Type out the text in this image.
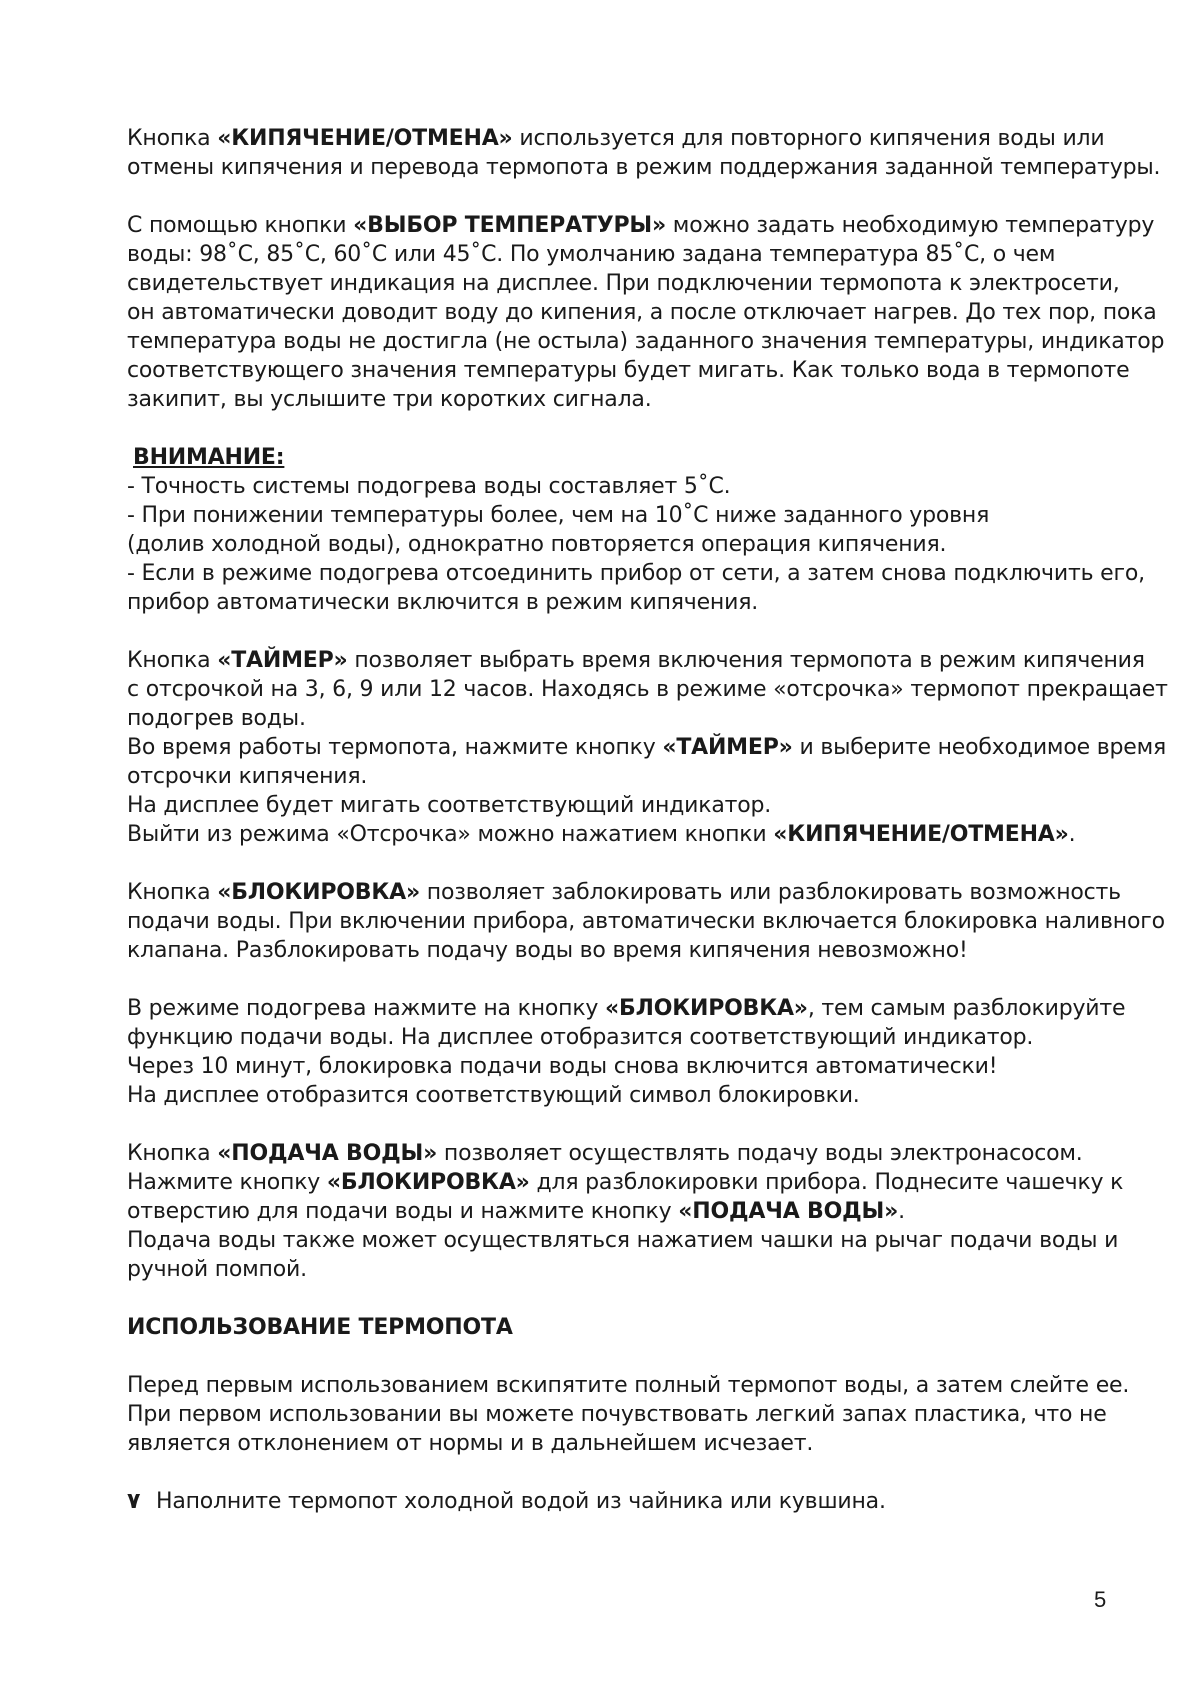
Кнопка «КИПЯЧЕНИЕ/ОТМЕНА» используется для повторного кипячения воды или
отмены кипячения и перевода термопота в режим поддержания заданной температуры.
С помощью кнопки «ВЫБОР ТЕМПЕРАТУРЫ» можно задать необходимую температуру
воды: 98˚С, 85˚С, 60˚С или 45˚С. По умолчанию задана температура 85˚С, о чем
свидетельствует индикация на дисплее. При подключении термопота к электросети,
он автоматически доводит воду до кипения, а после отключает нагрев. До тех пор, пока
температура воды не достигла (не остыла) заданного значения температуры, индикатор
соответствующего значения температуры будет мигать. Как только вода в термопоте
закипит, вы услышите три коротких сигнала.
ВНИМАНИЕ:
- Точность системы подогрева воды составляет 5˚С.
- При понижении температуры более, чем на 10˚С ниже заданного уровня
(долив холодной воды), однократно повторяется операция кипячения.
- Если в режиме подогрева отсоединить прибор от сети, а затем снова подключить его,
прибор автоматически включится в режим кипячения.
Кнопка «ТАЙМЕР» позволяет выбрать время включения термопота в режим кипячения
с отсрочкой на 3, 6, 9 или 12 часов. Находясь в режиме «отсрочка» термопот прекращает
подогрев воды.
Во время работы термопота, нажмите кнопку «ТАЙМЕР» и выберите необходимое время
отсрочки кипячения.
На дисплее будет мигать соответствующий индикатор.
Выйти из режима «Отсрочка» можно нажатием кнопки «КИПЯЧЕНИЕ/ОТМЕНА».
Кнопка «БЛОКИРОВКА» позволяет заблокировать или разблокировать возможность
подачи воды. При включении прибора, автоматически включается блокировка наливного
клапана. Разблокировать подачу воды во время кипячения невозможно!
В режиме подогрева нажмите на кнопку «БЛОКИРОВКА», тем самым разблокируйте
функцию подачи воды. На дисплее отобразится соответствующий индикатор.
Через 10 минут, блокировка подачи воды снова включится автоматически!
На дисплее отобразится соответствующий символ блокировки.
Кнопка «ПОДАЧА ВОДЫ» позволяет осуществлять подачу воды электронасосом.
Нажмите кнопку «БЛОКИРОВКА» для разблокировки прибора. Поднесите чашечку к
отверстию для подачи воды и нажмите кнопку «ПОДАЧА ВОДЫ».
Подача воды также может осуществляться нажатием чашки на рычаг подачи воды и
ручной помпой.
ИСПОЛЬЗОВАНИЕ ТЕРМОПОТА
Перед первым использованием вскипятите полный термопот воды, а затем слейте ее.
При первом использовании вы можете почувствовать легкий запах пластика, что не
является отклонением от нормы и в дальнейшем исчезает.
٧ Наполните термопот холодной водой из чайника или кувшина.
5
